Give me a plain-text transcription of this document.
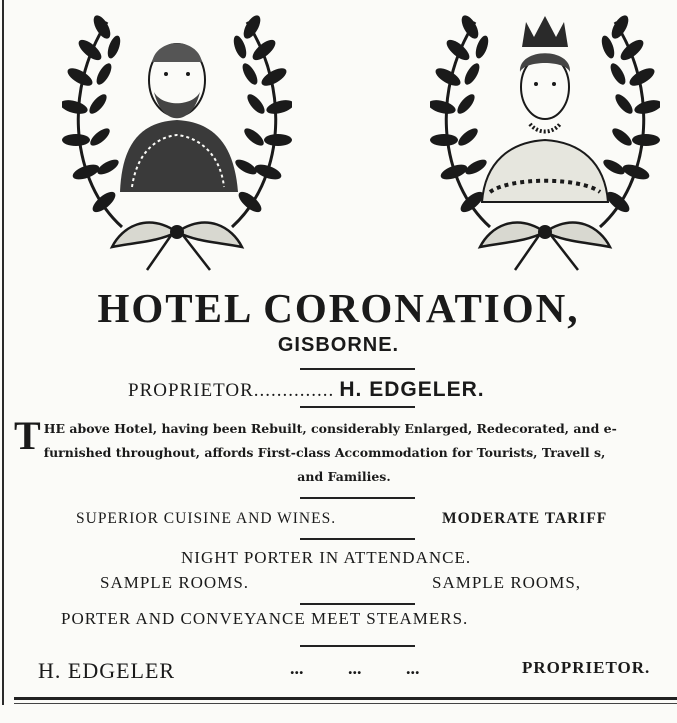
HOTEL CORONATION,
GISBORNE.
PROPRIETOR.............. H. EDGELER.
T HE above Hotel, having been Rebuilt, considerably Enlarged, Redecorated, and e-
furnished throughout, affords First-class Accommodation for Tourists, Travell s,
and Families.
SUPERIOR CUISINE AND WINES.	MODERATE TARIFF
NIGHT PORTER IN ATTENDANCE.
SAMPLE ROOMS.	SAMPLE ROOMS,
PORTER AND CONVEYANCE MEET STEAMERS.
H. EDGELER	... ... ...	PROPRIETOR.
